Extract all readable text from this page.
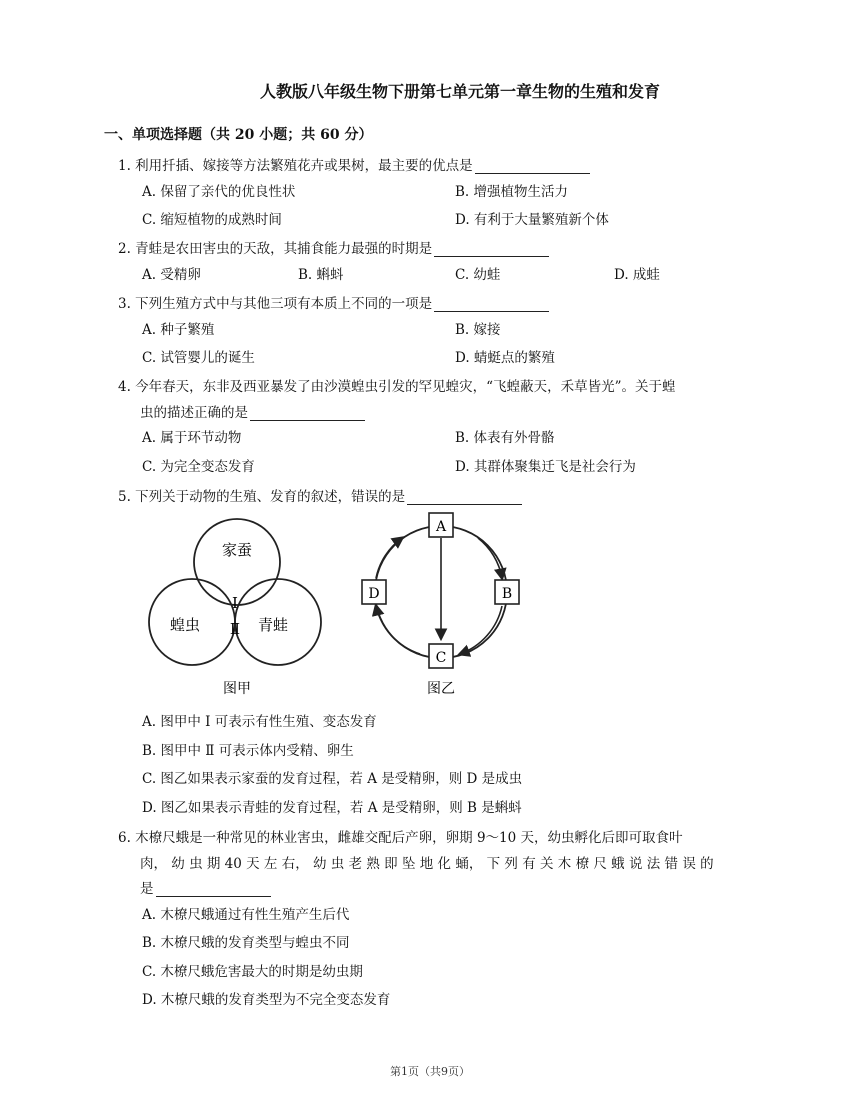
人教版八年级生物下册第七单元第一章生物的生殖和发育
一、单项选择题（共 20 小题；共 60 分）
1. 利用扦插、嫁接等方法繁殖花卉或果树，最主要的优点是
A. 保留了亲代的优良性状	B. 增强植物生活力
C. 缩短植物的成熟时间	D. 有利于大量繁殖新个体
2. 青蛙是农田害虫的天敌，其捕食能力最强的时期是
A. 受精卵	B. 蝌蚪	C. 幼蛙	D. 成蛙
3. 下列生殖方式中与其他三项有本质上不同的一项是
A. 种子繁殖	B. 嫁接
C. 试管婴儿的诞生	D. 蜻蜓点的繁殖
4. 今年春天，东非及西亚暴发了由沙漠蝗虫引发的罕见蝗灾，“飞蝗蔽天，禾草皆光”。关于蝗
虫的描述正确的是
A. 属于环节动物	B. 体表有外骨骼
C. 为完全变态发育	D. 其群体聚集迁飞是社会行为
5. 下列关于动物的生殖、发育的叙述，错误的是
家蚕
蝗虫	青蛙
Ⅰ
Ⅱ
图甲
A
B
C
D
图乙
A. 图甲中 Ⅰ 可表示有性生殖、变态发育
B. 图甲中 Ⅱ 可表示体内受精、卵生
C. 图乙如果表示家蚕的发育过程，若 A 是受精卵，则 D 是成虫
D. 图乙如果表示青蛙的发育过程，若 A 是受精卵，则 B 是蝌蚪
6. 木橑尺蛾是一种常见的林业害虫，雌雄交配后产卵，卵期 9～10 天，幼虫孵化后即可取食叶
肉， 幼 虫 期 40 天 左 右， 幼 虫 老 熟 即 坠 地 化 蛹， 下 列 有 关 木 橑 尺 蛾 说 法 错 误 的
是
A. 木橑尺蛾通过有性生殖产生后代
B. 木橑尺蛾的发育类型与蝗虫不同
C. 木橑尺蛾危害最大的时期是幼虫期
D. 木橑尺蛾的发育类型为不完全变态发育
第1页（共9页）
